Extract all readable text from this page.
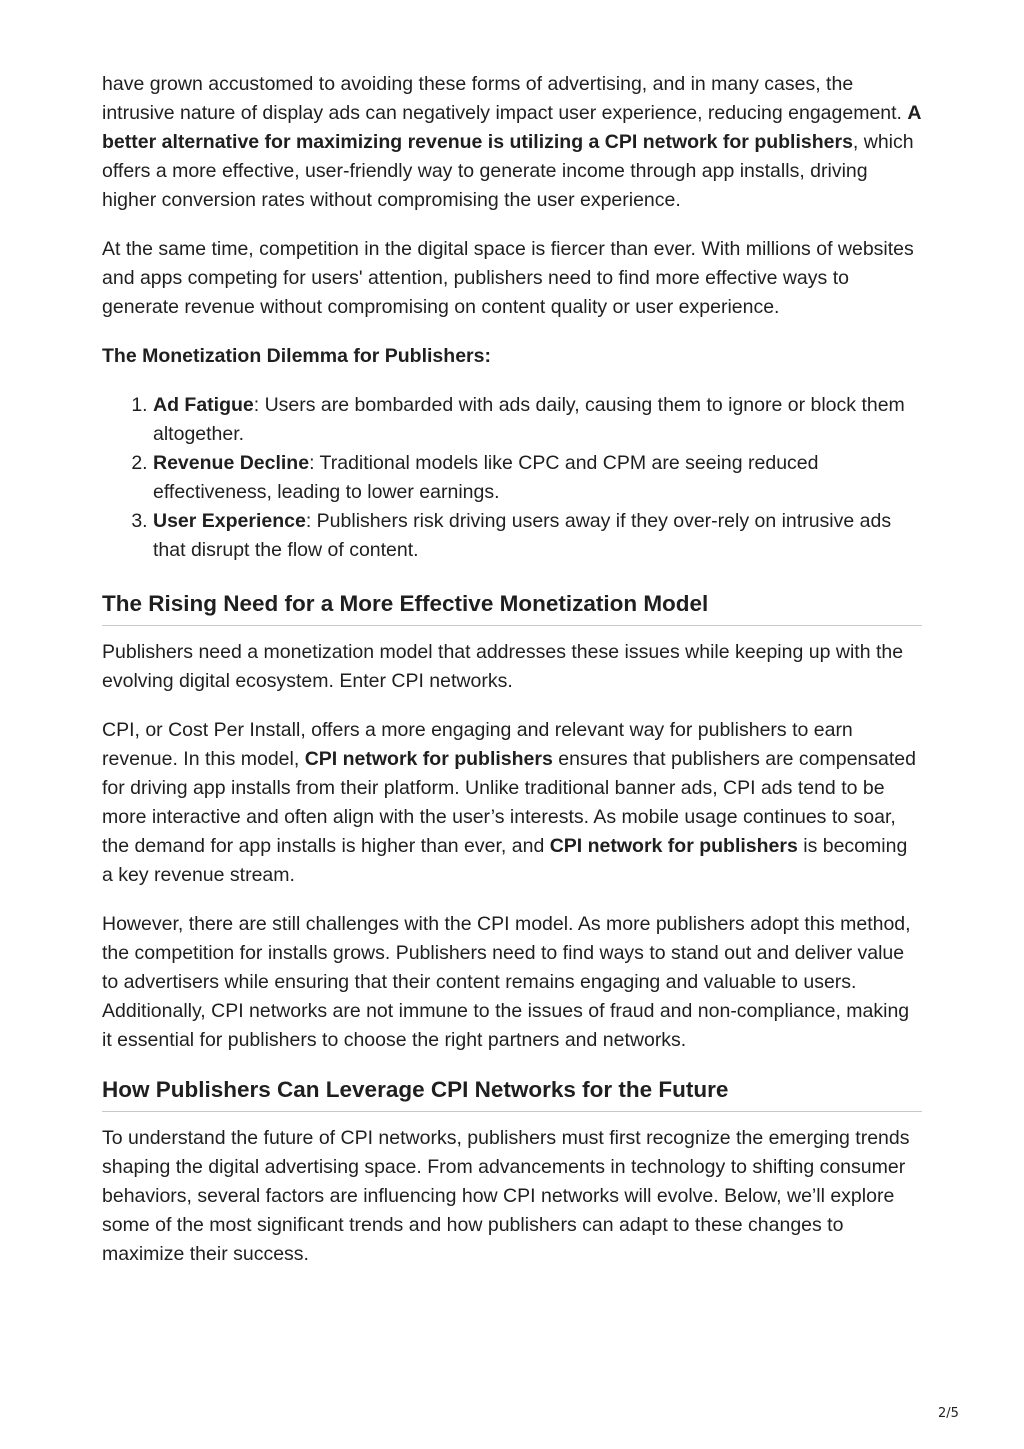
have grown accustomed to avoiding these forms of advertising, and in many cases, the intrusive nature of display ads can negatively impact user experience, reducing engagement. A better alternative for maximizing revenue is utilizing a CPI network for publishers, which offers a more effective, user-friendly way to generate income through app installs, driving higher conversion rates without compromising the user experience.

At the same time, competition in the digital space is fiercer than ever. With millions of websites and apps competing for users' attention, publishers need to find more effective ways to generate revenue without compromising on content quality or user experience.

The Monetization Dilemma for Publishers:
1. Ad Fatigue: Users are bombarded with ads daily, causing them to ignore or block them altogether.
2. Revenue Decline: Traditional models like CPC and CPM are seeing reduced effectiveness, leading to lower earnings.
3. User Experience: Publishers risk driving users away if they over-rely on intrusive ads that disrupt the flow of content.
The Rising Need for a More Effective Monetization Model

Publishers need a monetization model that addresses these issues while keeping up with the evolving digital ecosystem. Enter CPI networks.

CPI, or Cost Per Install, offers a more engaging and relevant way for publishers to earn revenue. In this model, CPI network for publishers ensures that publishers are compensated for driving app installs from their platform. Unlike traditional banner ads, CPI ads tend to be more interactive and often align with the user’s interests. As mobile usage continues to soar, the demand for app installs is higher than ever, and CPI network for publishers is becoming a key revenue stream.

However, there are still challenges with the CPI model. As more publishers adopt this method, the competition for installs grows. Publishers need to find ways to stand out and deliver value to advertisers while ensuring that their content remains engaging and valuable to users. Additionally, CPI networks are not immune to the issues of fraud and non-compliance, making it essential for publishers to choose the right partners and networks.

How Publishers Can Leverage CPI Networks for the Future

To understand the future of CPI networks, publishers must first recognize the emerging trends shaping the digital advertising space. From advancements in technology to shifting consumer behaviors, several factors are influencing how CPI networks will evolve. Below, we’ll explore some of the most significant trends and how publishers can adapt to these changes to maximize their success.

2/5
